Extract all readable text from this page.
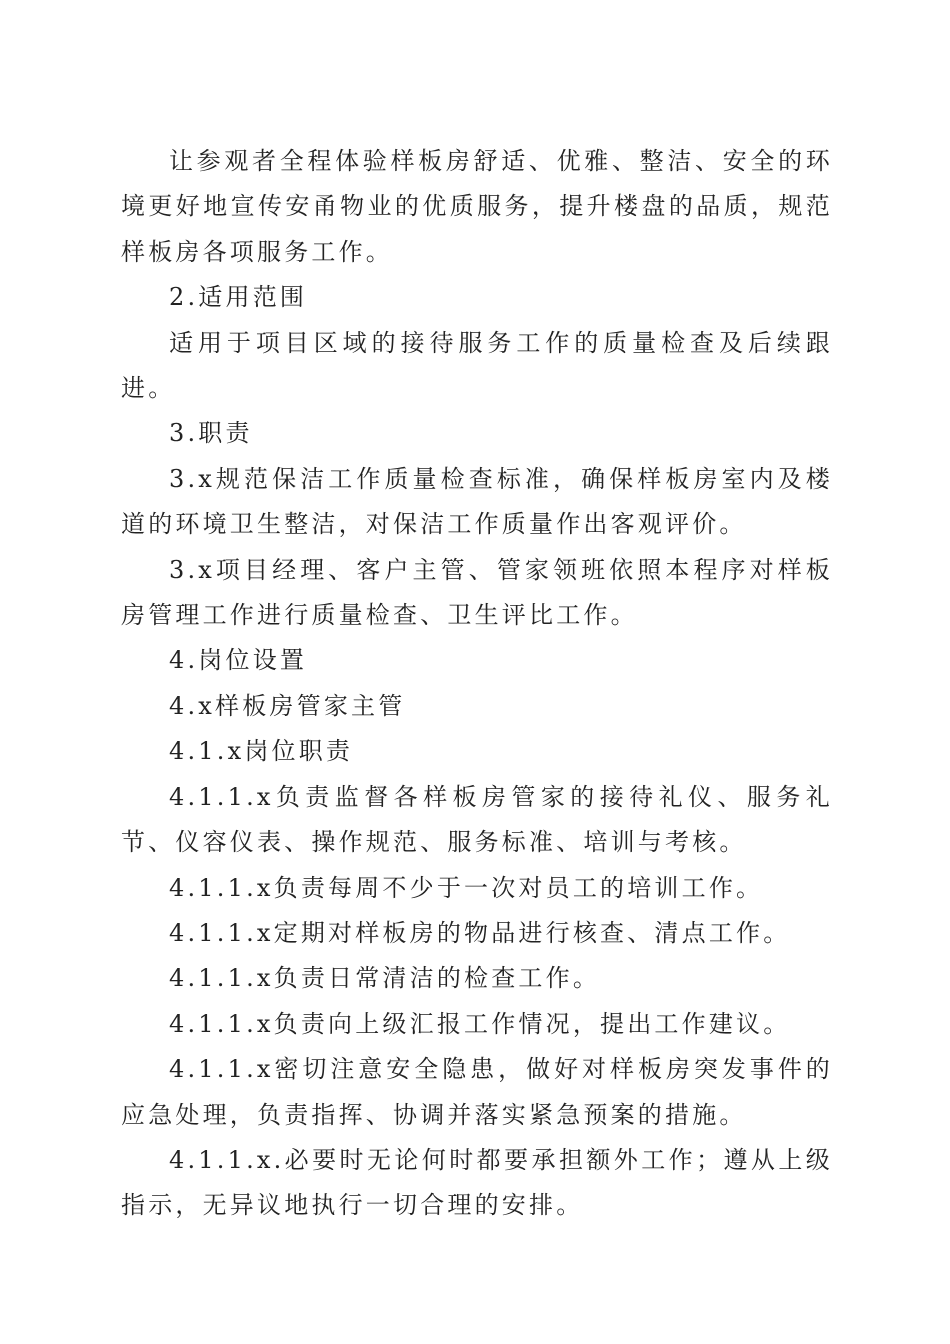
让参观者全程体验样板房舒适、优雅、整洁、安全的环境更好地宣传安甬物业的优质服务，提升楼盘的品质，规范样板房各项服务工作。

2.适用范围

适用于项目区域的接待服务工作的质量检查及后续跟进。

3.职责

3.x规范保洁工作质量检查标准，确保样板房室内及楼道的环境卫生整洁，对保洁工作质量作出客观评价。

3.x项目经理、客户主管、管家领班依照本程序对样板房管理工作进行质量检查、卫生评比工作。

4.岗位设置

4.x样板房管家主管

4.1.x岗位职责

4.1.1.x负责监督各样板房管家的接待礼仪、服务礼节、仪容仪表、操作规范、服务标准、培训与考核。

4.1.1.x负责每周不少于一次对员工的培训工作。

4.1.1.x定期对样板房的物品进行核查、清点工作。

4.1.1.x负责日常清洁的检查工作。

4.1.1.x负责向上级汇报工作情况，提出工作建议。

4.1.1.x密切注意安全隐患，做好对样板房突发事件的应急处理，负责指挥、协调并落实紧急预案的措施。

4.1.1.x.必要时无论何时都要承担额外工作；遵从上级指示，无异议地执行一切合理的安排。
